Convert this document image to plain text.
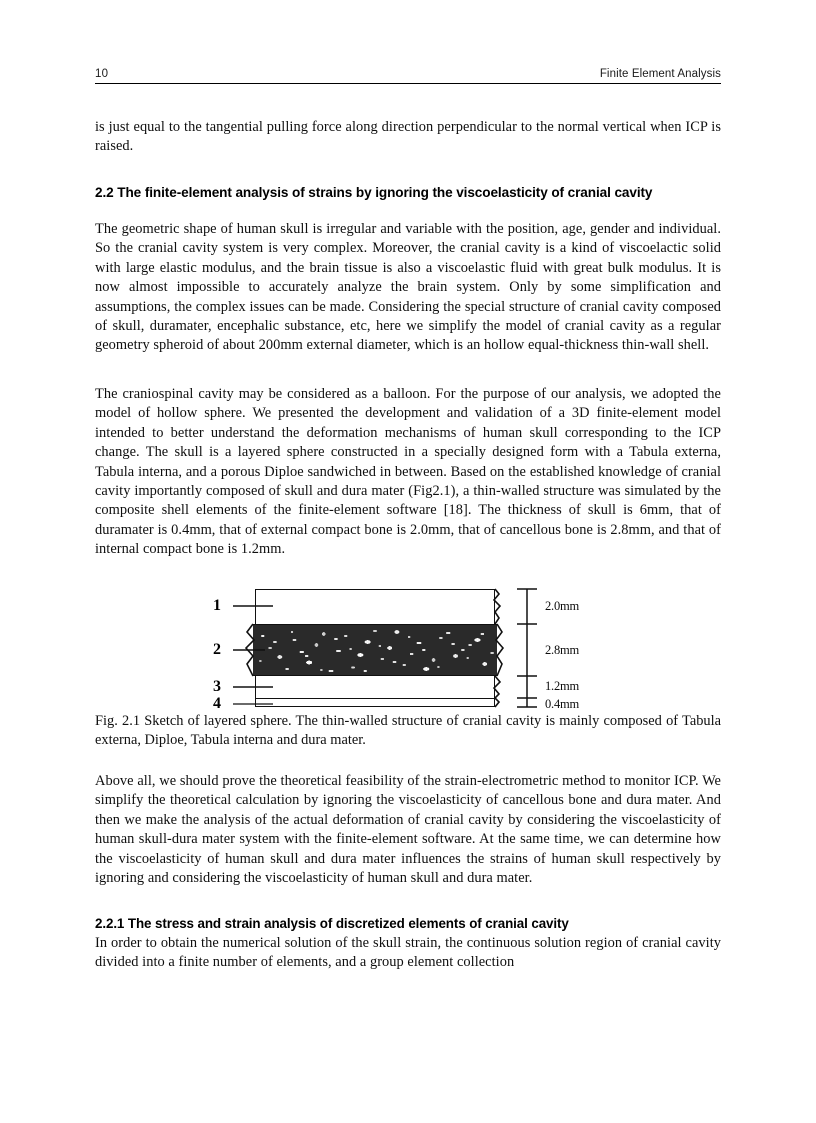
10	Finite Element Analysis

is just equal to the tangential pulling force along direction perpendicular to the normal vertical when ICP is raised.

2.2 The finite-element analysis of strains by ignoring the viscoelasticity of cranial cavity

The geometric shape of human skull is irregular and variable with the position, age, gender and individual. So the cranial cavity system is very complex. Moreover, the cranial cavity is a kind of viscoelactic solid with large elastic modulus, and the brain tissue is also a viscoelastic fluid with great bulk modulus. It is now almost impossible to accurately analyze the brain system. Only by some simplification and assumptions, the complex issues can be made. Considering the special structure of cranial cavity composed of skull, duramater, encephalic substance, etc, here we simplify the model of cranial cavity as a regular geometry spheroid of about 200mm external diameter, which is an hollow equal-thickness thin-wall shell.

The craniospinal cavity may be considered as a balloon. For the purpose of our analysis, we adopted the model of hollow sphere. We presented the development and validation of a 3D finite-element model intended to better understand the deformation mechanisms of human skull corresponding to the ICP change. The skull is a layered sphere constructed in a specially designed form with a Tabula externa, Tabula interna, and a porous Diploe sandwiched in between. Based on the established knowledge of cranial cavity importantly composed of skull and dura mater (Fig2.1), a thin-walled structure was simulated by the composite shell elements of the finite-element software [18]. The thickness of skull is 6mm, that of duramater is 0.4mm, that of external compact bone is 2.0mm, that of cancellous bone is 2.8mm, and that of internal compact bone is 1.2mm.

1
2
3
4
2.0mm
2.8mm
1.2mm
0.4mm
Fig. 2.1 Sketch of layered sphere. The thin-walled structure of cranial cavity is mainly composed of Tabula externa, Diploe, Tabula interna and dura mater.

Above all, we should prove the theoretical feasibility of the strain-electrometric method to monitor ICP. We simplify the theoretical calculation by ignoring the viscoelasticity of cancellous bone and dura mater. And then we make the analysis of the actual deformation of cranial cavity by considering the viscoelasticity of human skull-dura mater system with the finite-element software. At the same time, we can determine how the viscoelasticity of human skull and dura mater influences the strains of human skull respectively by ignoring and considering the viscoelasticity of human skull and dura mater.

2.2.1 The stress and strain analysis of discretized elements of cranial cavity

In order to obtain the numerical solution of the skull strain, the continuous solution region of cranial cavity divided into a finite number of elements, and a group element collection
